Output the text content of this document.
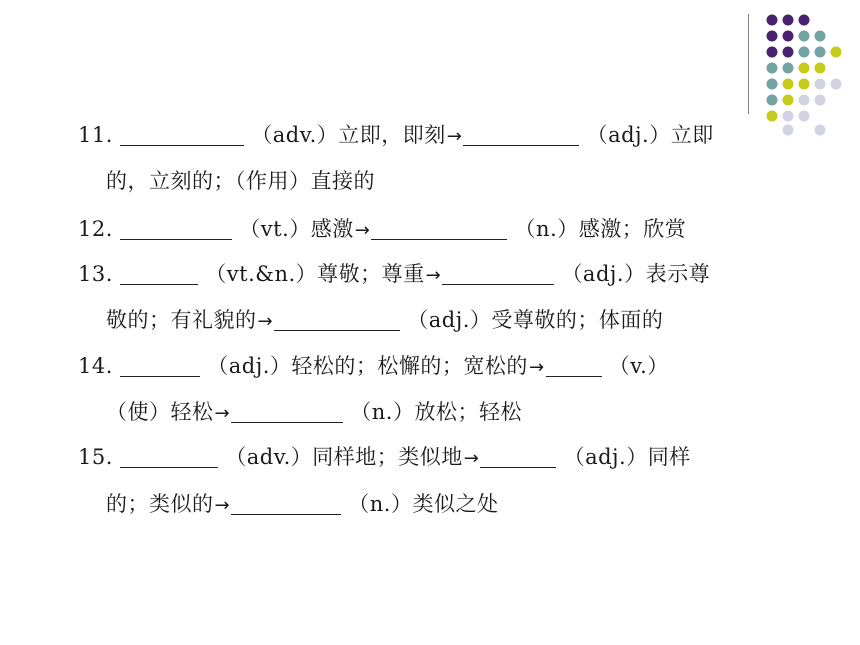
11.	（adv.）立即，即刻→	（adj.）立即
的，立刻的；（作用）直接的
12.	（vt.）感激→	（n.）感激；欣赏
13.	（vt.&n.）尊敬；尊重→	（adj.）表示尊
敬的；有礼貌的→	（adj.）受尊敬的；体面的
14.	（adj.）轻松的；松懈的；宽松的→	（v.）
（使）轻松→	（n.）放松；轻松
15.	（adv.）同样地；类似地→	（adj.）同样
的；类似的→	（n.）类似之处
